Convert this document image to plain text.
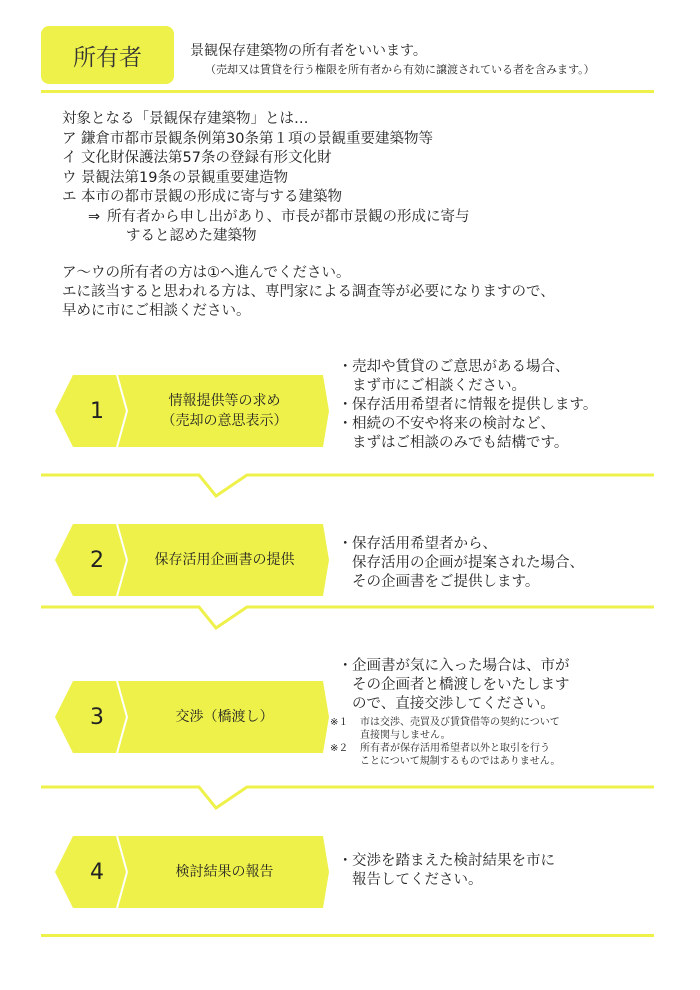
所有者	景観保存建築物の所有者をいいます。
（売却又は賃貸を行う権限を所有者から有効に譲渡されている者を含みます。）
対象となる「景観保存建築物」とは…
ア 鎌倉市都市景観条例第30条第１項の景観重要建築物等
イ 文化財保護法第57条の登録有形文化財
ウ 景観法第19条の景観重要建造物
エ 本市の都市景観の形成に寄与する建築物
⇒ 所有者から申し出があり、市長が都市景観の形成に寄与
すると認めた建築物
ア～ウの所有者の方は①へ進んでください。
エに該当すると思われる方は、専門家による調査等が必要になりますので、
早めに市にご相談ください。
1	情報提供等の求め
（売却の意思表示）
・ 売却や賃貸のご意思がある場合、
まず市にご相談ください。
・ 保存活用希望者に情報を提供します。
・ 相続の不安や将来の検討など、
まずはご相談のみでも結構です。
2	保存活用企画書の提供
・ 保存活用希望者から、
保存活用の企画が提案された場合、
その企画書をご提供します。
3	交渉（橋渡し）
・ 企画書が気に入った場合は、市が
その企画者と橋渡しをいたします
ので、直接交渉してください。
※１	市は交渉、売買及び賃貸借等の契約について
直接関与しません。
※２	所有者が保存活用希望者以外と取引を行う
ことについて規制するものではありません。
4	検討結果の報告
・ 交渉を踏まえた検討結果を市に
報告してください。
